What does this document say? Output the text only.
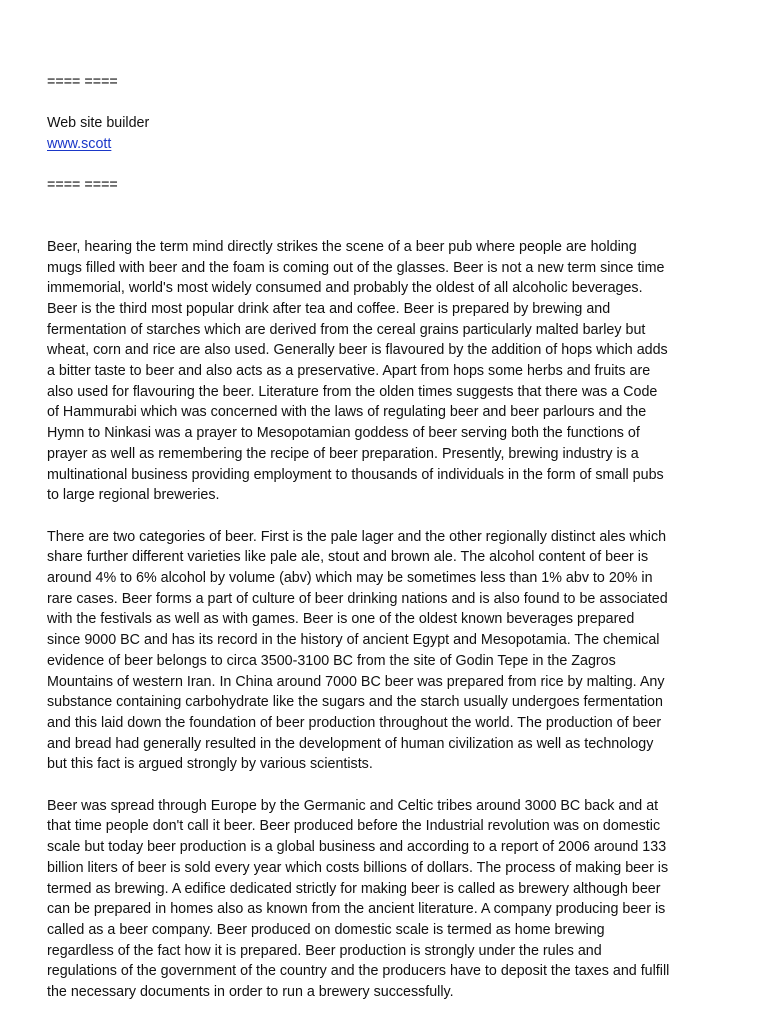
==== ====

Web site builder

www.scott

==== ====

Beer, hearing the term mind directly strikes the scene of a beer pub where people are holding
mugs filled with beer and the foam is coming out of the glasses. Beer is not a new term since time
immemorial, world's most widely consumed and probably the oldest of all alcoholic beverages.
Beer is the third most popular drink after tea and coffee. Beer is prepared by brewing and
fermentation of starches which are derived from the cereal grains particularly malted barley but
wheat, corn and rice are also used. Generally beer is flavoured by the addition of hops which adds
a bitter taste to beer and also acts as a preservative. Apart from hops some herbs and fruits are
also used for flavouring the beer. Literature from the olden times suggests that there was a Code
of Hammurabi which was concerned with the laws of regulating beer and beer parlours and the
Hymn to Ninkasi was a prayer to Mesopotamian goddess of beer serving both the functions of
prayer as well as remembering the recipe of beer preparation. Presently, brewing industry is a
multinational business providing employment to thousands of individuals in the form of small pubs
to large regional breweries.
There are two categories of beer. First is the pale lager and the other regionally distinct ales which
share further different varieties like pale ale, stout and brown ale. The alcohol content of beer is
around 4% to 6% alcohol by volume (abv) which may be sometimes less than 1% abv to 20% in
rare cases. Beer forms a part of culture of beer drinking nations and is also found to be associated
with the festivals as well as with games. Beer is one of the oldest known beverages prepared
since 9000 BC and has its record in the history of ancient Egypt and Mesopotamia. The chemical
evidence of beer belongs to circa 3500-3100 BC from the site of Godin Tepe in the Zagros
Mountains of western Iran. In China around 7000 BC beer was prepared from rice by malting. Any
substance containing carbohydrate like the sugars and the starch usually undergoes fermentation
and this laid down the foundation of beer production throughout the world. The production of beer
and bread had generally resulted in the development of human civilization as well as technology
but this fact is argued strongly by various scientists.
Beer was spread through Europe by the Germanic and Celtic tribes around 3000 BC back and at
that time people don't call it beer. Beer produced before the Industrial revolution was on domestic
scale but today beer production is a global business and according to a report of 2006 around 133
billion liters of beer is sold every year which costs billions of dollars. The process of making beer is
termed as brewing. A edifice dedicated strictly for making beer is called as brewery although beer
can be prepared in homes also as known from the ancient literature. A company producing beer is
called as a beer company. Beer produced on domestic scale is termed as home brewing
regardless of the fact how it is prepared. Beer production is strongly under the rules and
regulations of the government of the country and the producers have to deposit the taxes and fulfill
the necessary documents in order to run a brewery successfully.
